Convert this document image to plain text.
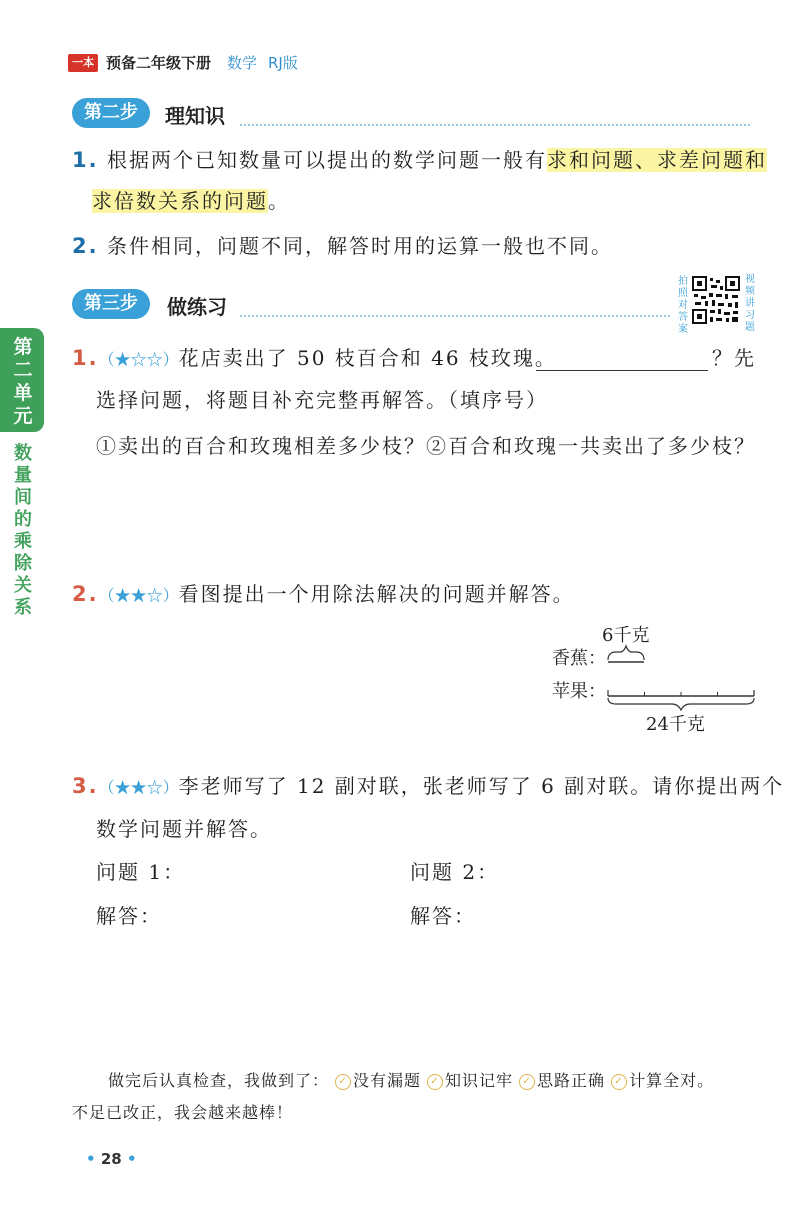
一本 预备二年级下册 数学 RJ版
第二步	理知识
1. 根据两个已知数量可以提出的数学问题一般有求和问题、求差问题和
求倍数关系的问题。
2. 条件相同，问题不同，解答时用的运算一般也不同。
第三步	做练习
拍照对答案
视频讲习题
第二单元
数量间的乘除关系
1.（★☆☆）花店卖出了 50 枝百合和 46 枝玫瑰。	？先
选择问题，将题目补充完整再解答。（填序号）
①卖出的百合和玫瑰相差多少枝？②百合和玫瑰一共卖出了多少枝？
2.（★★☆）看图提出一个用除法解决的问题并解答。
6千克
香蕉：
苹果：
24千克
3.（★★☆）李老师写了 12 副对联，张老师写了 6 副对联。请你提出两个
数学问题并解答。
问题 1：
解答：
问题 2：
解答：
做完后认真检查，我做到了： ✓ 没有漏题 ✓ 知识记牢 ✓ 思路正确 ✓ 计算全对。
不足已改正，我会越来越棒！
• 28 •
